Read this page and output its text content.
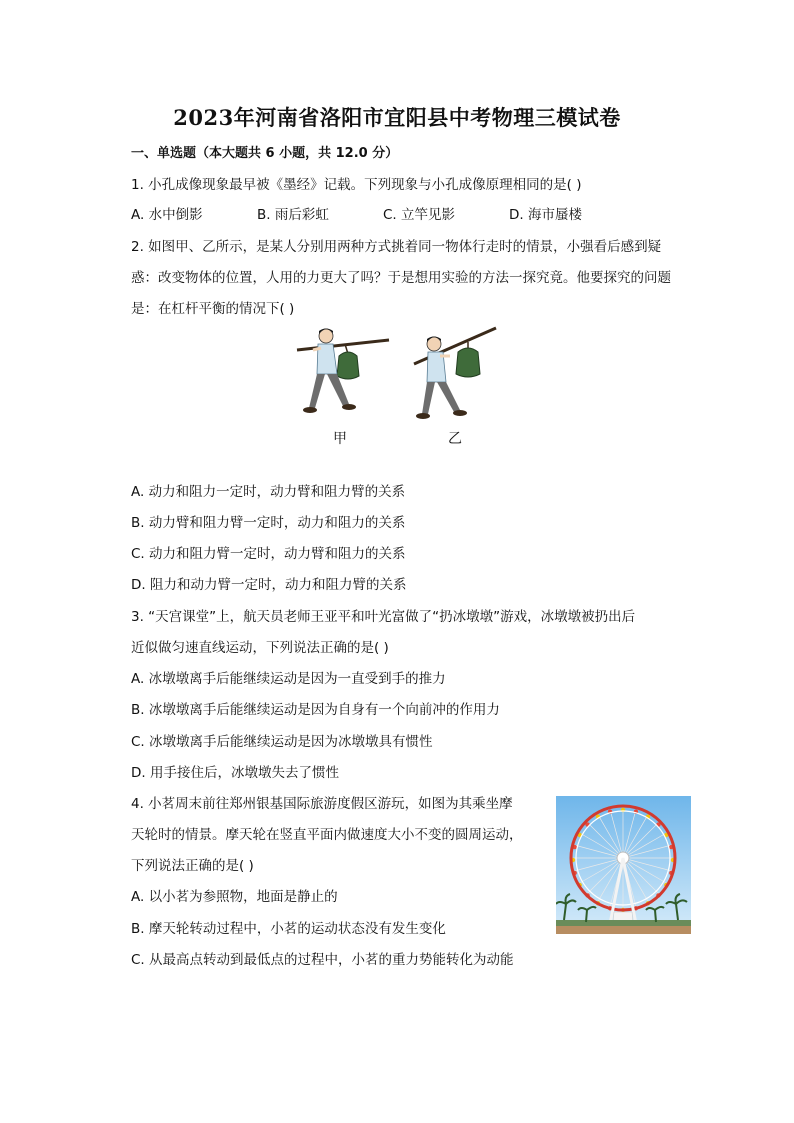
2023年河南省洛阳市宜阳县中考物理三模试卷
一、单选题（本大题共 6 小题，共 12.0 分）
1. 小孔成像现象最早被《墨经》记载。下列现象与小孔成像原理相同的是( )
A. 水中倒影	B. 雨后彩虹	C. 立竿见影	D. 海市蜃楼
2. 如图甲、乙所示，是某人分别用两种方式挑着同一物体行走时的情景，小强看后感到疑
惑：改变物体的位置，人用的力更大了吗？于是想用实验的方法一探究竟。他要探究的问题
是：在杠杆平衡的情况下( )
甲	乙
A. 动力和阻力一定时，动力臂和阻力臂的关系
B. 动力臂和阻力臂一定时，动力和阻力的关系
C. 动力和阻力臂一定时，动力臂和阻力的关系
D. 阻力和动力臂一定时，动力和阻力臂的关系
3. “天宫课堂”上，航天员老师王亚平和叶光富做了“扔冰墩墩”游戏，冰墩墩被扔出后
近似做匀速直线运动，下列说法正确的是( )
A. 冰墩墩离手后能继续运动是因为一直受到手的推力
B. 冰墩墩离手后能继续运动是因为自身有一个向前冲的作用力
C. 冰墩墩离手后能继续运动是因为冰墩墩具有惯性
D. 用手接住后，冰墩墩失去了惯性
4. 小茗周末前往郑州银基国际旅游度假区游玩，如图为其乘坐摩
天轮时的情景。摩天轮在竖直平面内做速度大小不变的圆周运动，
下列说法正确的是( )
A. 以小茗为参照物，地面是静止的
B. 摩天轮转动过程中，小茗的运动状态没有发生变化
C. 从最高点转动到最低点的过程中，小茗的重力势能转化为动能
